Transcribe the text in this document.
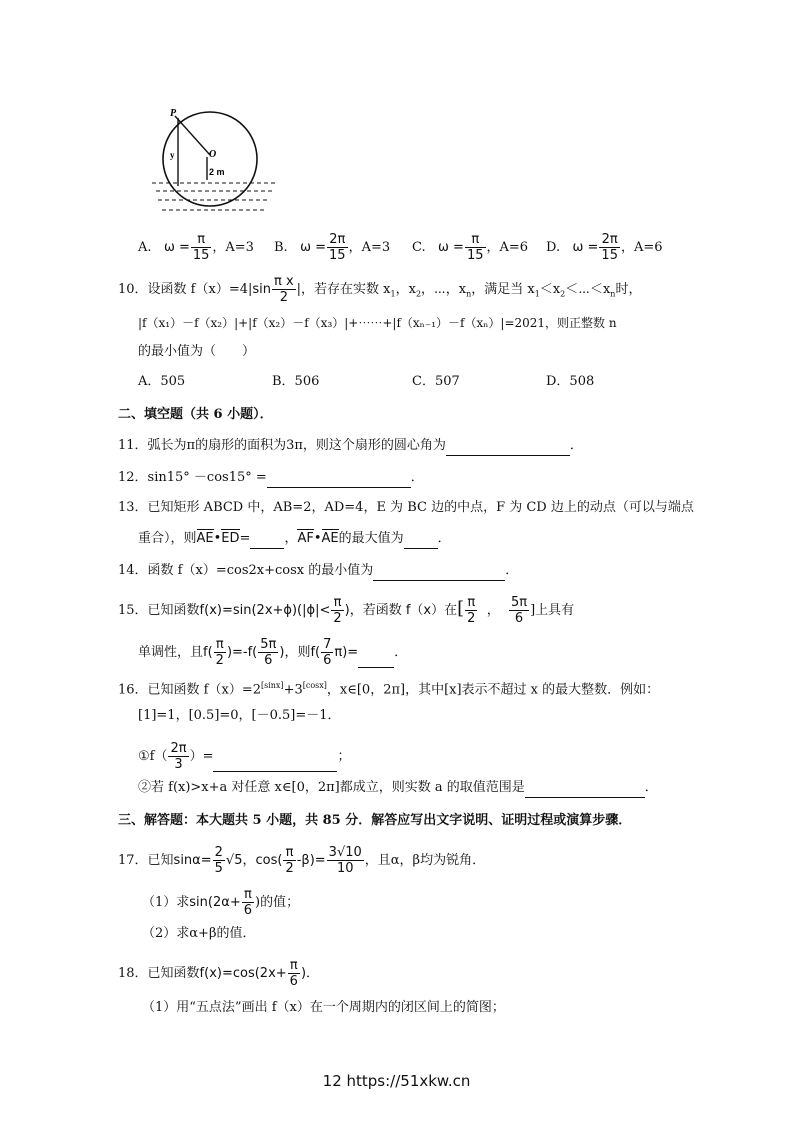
P
O
y
2 m
A. $\omega = \frac{\pi}{15}$ ，A=3 B. $\omega = \frac{2\pi}{15}$ ，A=3 C. $\omega = \frac{\pi}{15}$ ，A=6 D. $\omega = \frac{2\pi}{15}$ ，A=6
10．设函数 $f(x)=4|\sin \frac{\text{π x}}{2}$ |，若存在实数 $x_1$，$x_2$，⋯，$x_n$，满足当 $x_1<x_2<\cdots<x_n$时，
|f（x₁）－f（x₂）|+|f（x₂）－f（x₃）|+⋯⋯+|f（xₙ₋₁）－f（xₙ）|=2021，则正整数 n
的最小值为（　　）
A．505	B．506	C．507	D．508
二、填空题（共 6 小题）．
11．弧长为π的扇形的面积为3π，则这个扇形的圆心角为	．
12．sin15° －cos15° =	．
13．已知矩形 ABCD 中，AB=2，AD=4，E 为 BC 边的中点，F 为 CD 边上的动点（可以与端点
重合），则AE•ED=	，AF•AE的最大值为	．
14．函数 f（x）=cos2x+cosx 的最小值为	．
15．已知函数$f(x)=\sin(2x+\phi)(|\phi|< \frac{\pi}{2}$ )，若函数 f（x）在[ $\frac{\pi}{2}$ ， $\frac{5\pi}{6}$ ]上具有
单调性，且$f( \frac{\pi}{2} )=-f( \frac{5\pi}{6}$ )，则$f( \frac{7}{6} \pi)=$	．
16．已知函数 f（x）=2[sinx]+3[cosx]，x∈[0，2π]，其中[x]表示不超过 x 的最大整数．例如：
[1]=1，[0.5]=0，[－0.5]=－1．
①f（ $\frac{2\pi}{3}$ ）=	；
②若 f(x)>x+a 对任意 x∈[0，2π]都成立，则实数 a 的取值范围是	．
三、解答题：本大题共 5 小题，共 85 分．解答应写出文字说明、证明过程或演算步骤．
17．已知$\sin\alpha= \frac{2}{5} √5$，$\cos( \frac{\pi}{2} -\beta)= \frac{3√10}{10}$ ，且α，β均为锐角．
（1）求$\sin(2\alpha+ \frac{\pi}{6}$ )的值；
（2）求α+β的值．
18．已知函数$f(x)=\cos(2x+ \frac{\pi}{6}$ )．
（1）用“五点法”画出 f（x）在一个周期内的闭区间上的简图；
12 https://51xkw.cn
